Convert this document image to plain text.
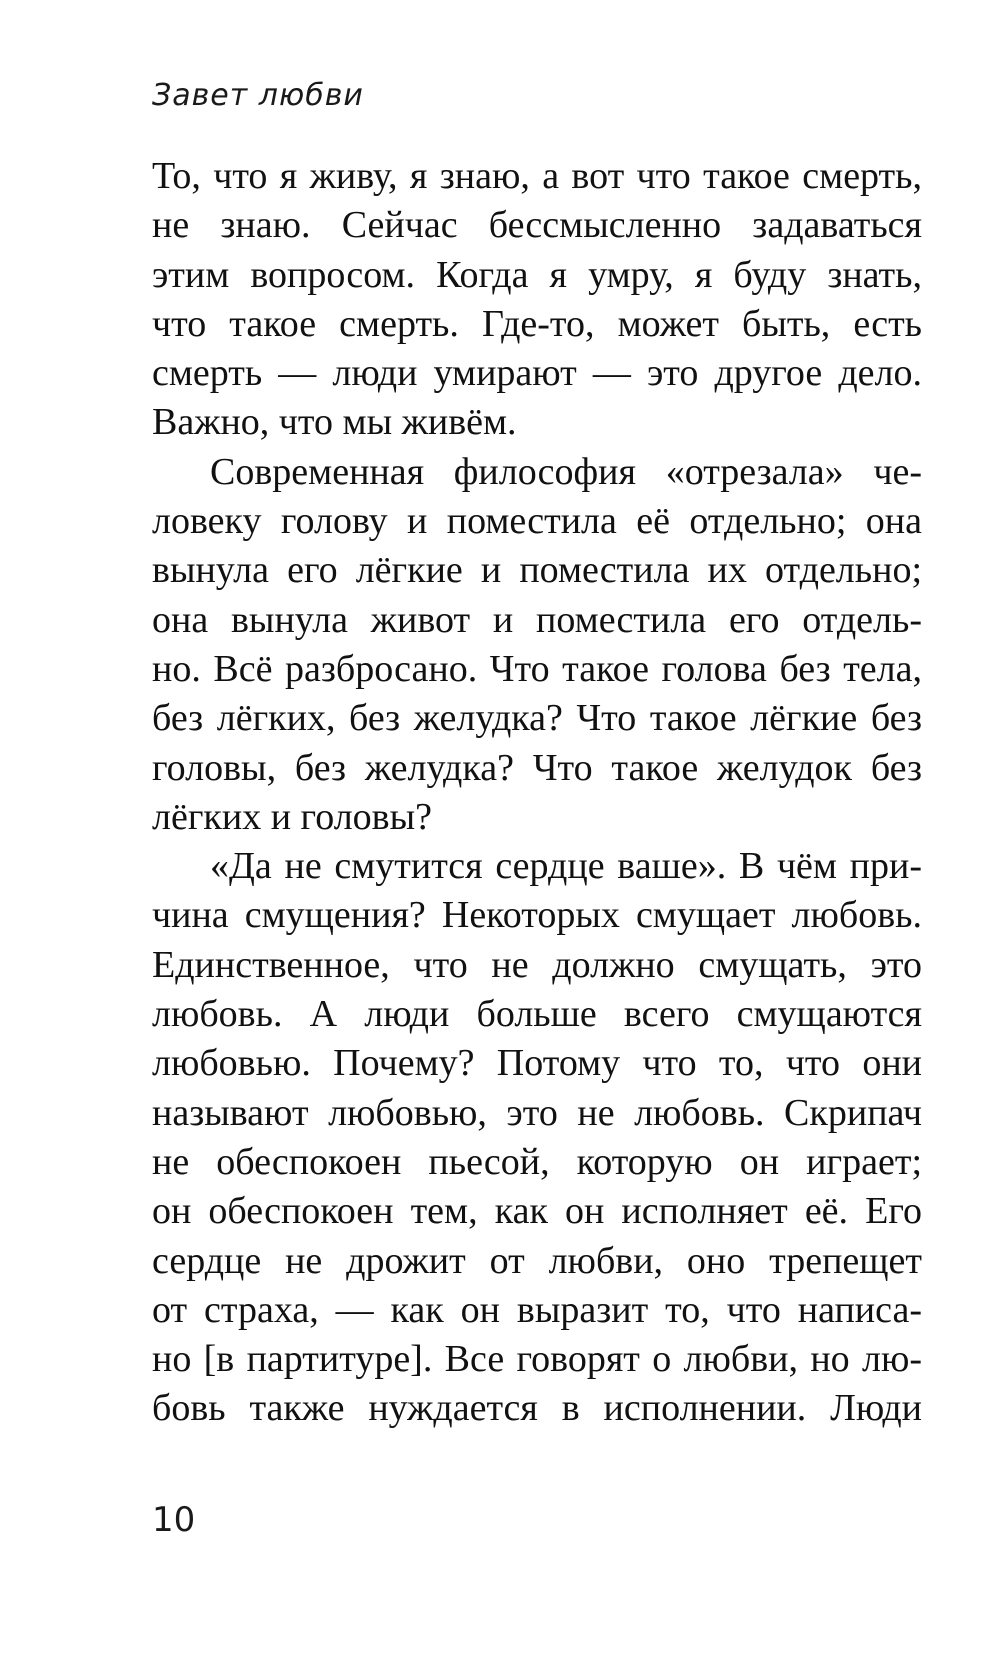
Завет любви
То, что я живу, я знаю, а вот что такое смерть,
не знаю. Сейчас бессмысленно задаваться
этим вопросом. Когда я умру, я буду знать,
что такое смерть. Где-то, может быть, есть
смерть — люди умирают — это другое дело.
Важно, что мы живём.
Современная философия «отрезала» че-
ловеку голову и поместила её отдельно; она
вынула его лёгкие и поместила их отдельно;
она вынула живот и поместила его отдель-
но. Всё разбросано. Что такое голова без тела,
без лёгких, без желудка? Что такое лёгкие без
головы, без желудка? Что такое желудок без
лёгких и головы?
«Да не смутится сердце ваше». В чём при-
чина смущения? Некоторых смущает любовь.
Единственное, что не должно смущать, это
любовь. А люди больше всего смущаются
любовью. Почему? Потому что то, что они
называют любовью, это не любовь. Скрипач
не обеспокоен пьесой, которую он играет;
он обеспокоен тем, как он исполняет её. Его
сердце не дрожит от любви, оно трепещет
от страха, — как он выразит то, что написа-
но [в партитуре]. Все говорят о любви, но лю-
бовь также нуждается в исполнении. Люди
10
